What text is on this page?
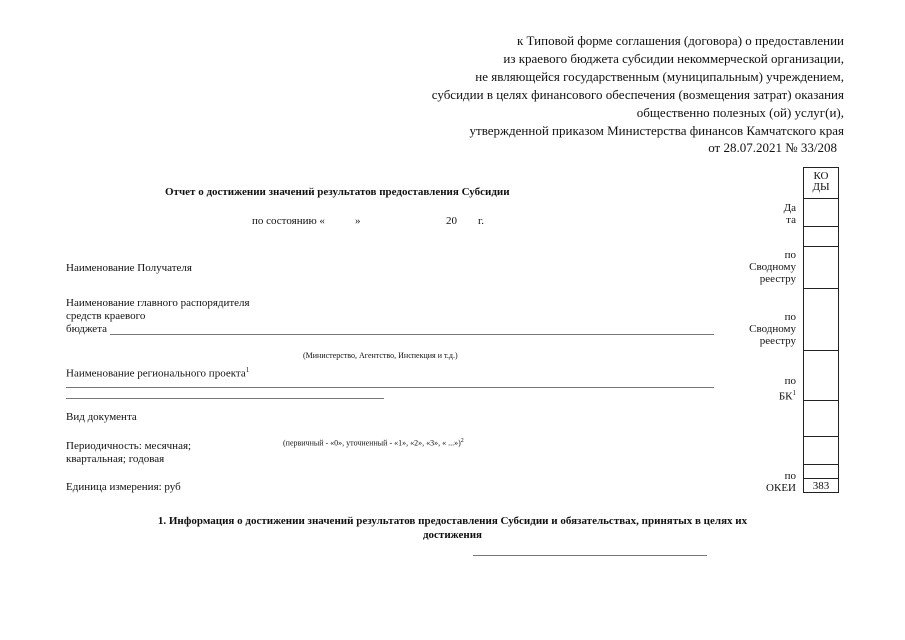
к Типовой форме соглашения (договора) о предоставлении
из краевого бюджета субсидии некоммерческой организации,
не являющейся государственным (муниципальным) учреждением,
субсидии в целях финансового обеспечения (возмещения затрат) оказания
общественно полезных (ой) услуг(и),
утвержденной приказом Министерства финансов Камчатского края
от 28.07.2021 № 33/208
Отчет о достижении значений результатов предоставления Субсидии
по состоянию «	»	20 г.
Наименование Получателя
Наименование главного распорядителя
средств краевого
бюджета
(Министерство, Агентство, Инспекция и т.д.)
Наименование регионального проекта$^1$
Вид документа
(первичный - «0», уточненный - «1», «2», «3», « ...»)$^2$
Периодичность: месячная;
квартальная; годовая
Единица измерения: руб
Да
та
по
Сводному
реестру
по
Сводному
реестру
по
$БК^1$
по
ОКЕИ
КО
ДЫ
383
1. Информация о достижении значений результатов предоставления Субсидии и обязательствах, принятых в целях их
достижения
